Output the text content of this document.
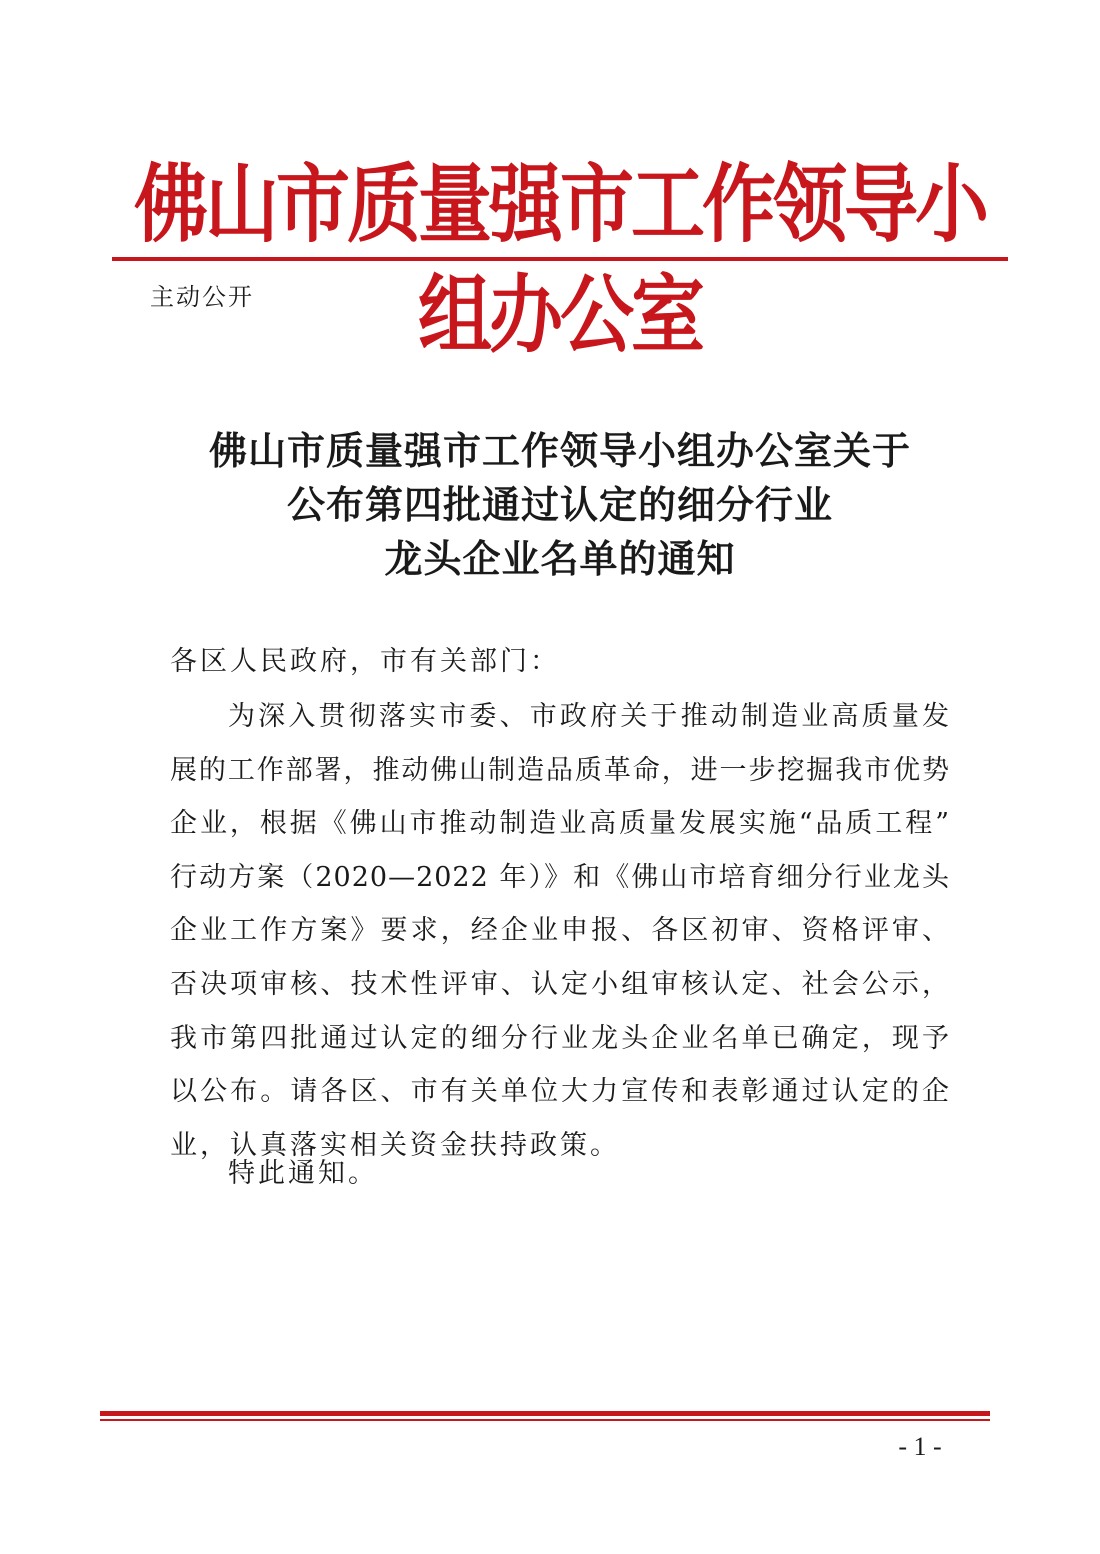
佛山市质量强市工作领导小组办公室
主动公开
佛山市质量强市工作领导小组办公室关于
公布第四批通过认定的细分行业
龙头企业名单的通知
各区人民政府，市有关部门：
为深入贯彻落实市委、市政府关于推动制造业高质量发
展的工作部署，推动佛山制造品质革命，进一步挖掘我市优势
企业，根据《佛山市推动制造业高质量发展实施“品质工程”
行动方案（2020—2022 年）》和《佛山市培育细分行业龙头
企业工作方案》要求，经企业申报、各区初审、资格评审、
否决项审核、技术性评审、认定小组审核认定、社会公示，
我市第四批通过认定的细分行业龙头企业名单已确定，现予
以公布。请各区、市有关单位大力宣传和表彰通过认定的企
业，认真落实相关资金扶持政策。
特此通知。
- 1 -
